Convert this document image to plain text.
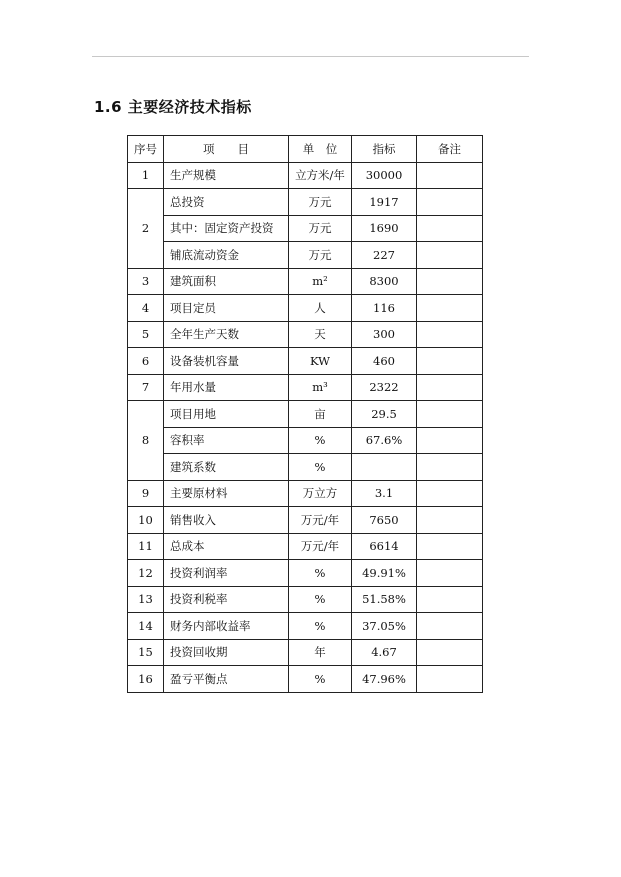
1.6 主要经济技术指标
序号	项　　目	单　位	指标	备注
1	生产规模	立方米/年	30000	
2	总投资	万元	1917	
	其中：固定资产投资	万元	1690	
	铺底流动资金	万元	227	
3	建筑面积	m²	8300	
4	项目定员	人	116	
5	全年生产天数	天	300	
6	设备装机容量	KW	460	
7	年用水量	m³	2322	
8	项目用地	亩	29.5	
	容积率	%	67.6%	
	建筑系数	%		
9	主要原材料	万立方	3.1	
10	销售收入	万元/年	7650	
11	总成本	万元/年	6614	
12	投资利润率	%	49.91%	
13	投资利税率	%	51.58%	
14	财务内部收益率	%	37.05%	
15	投资回收期	年	4.67	
16	盈亏平衡点	%	47.96%	
